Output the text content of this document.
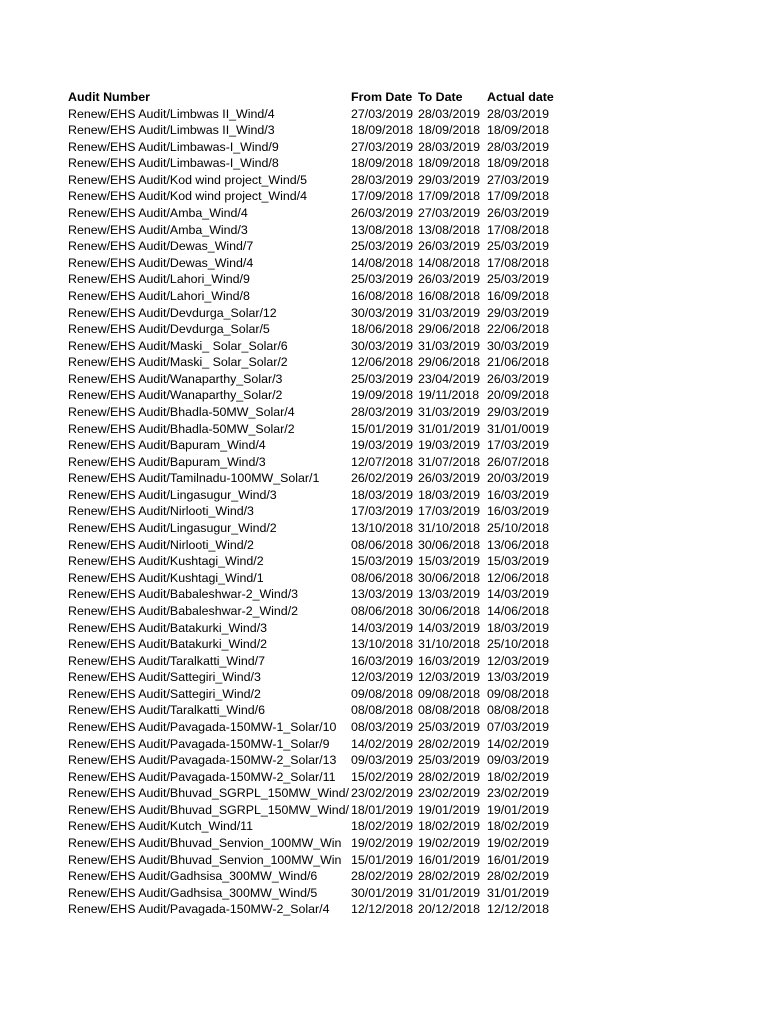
Audit Number	From Date To Date	Actual date
Renew/EHS Audit/Limbwas II_Wind/4	27/03/2019 28/03/2019 28/03/2019
Renew/EHS Audit/Limbwas II_Wind/3	18/09/2018 18/09/2018 18/09/2018
Renew/EHS Audit/Limbawas-I_Wind/9	27/03/2019 28/03/2019 28/03/2019
Renew/EHS Audit/Limbawas-I_Wind/8	18/09/2018 18/09/2018 18/09/2018
Renew/EHS Audit/Kod wind project_Wind/5	28/03/2019 29/03/2019 27/03/2019
Renew/EHS Audit/Kod wind project_Wind/4	17/09/2018 17/09/2018 17/09/2018
Renew/EHS Audit/Amba_Wind/4	26/03/2019 27/03/2019 26/03/2019
Renew/EHS Audit/Amba_Wind/3	13/08/2018 13/08/2018 17/08/2018
Renew/EHS Audit/Dewas_Wind/7	25/03/2019 26/03/2019 25/03/2019
Renew/EHS Audit/Dewas_Wind/4	14/08/2018 14/08/2018 17/08/2018
Renew/EHS Audit/Lahori_Wind/9	25/03/2019 26/03/2019 25/03/2019
Renew/EHS Audit/Lahori_Wind/8	16/08/2018 16/08/2018 16/09/2018
Renew/EHS Audit/Devdurga_Solar/12	30/03/2019 31/03/2019 29/03/2019
Renew/EHS Audit/Devdurga_Solar/5	18/06/2018 29/06/2018 22/06/2018
Renew/EHS Audit/Maski_ Solar_Solar/6	30/03/2019 31/03/2019 30/03/2019
Renew/EHS Audit/Maski_ Solar_Solar/2	12/06/2018 29/06/2018 21/06/2018
Renew/EHS Audit/Wanaparthy_Solar/3	25/03/2019 23/04/2019 26/03/2019
Renew/EHS Audit/Wanaparthy_Solar/2	19/09/2018 19/11/2018 20/09/2018
Renew/EHS Audit/Bhadla-50MW_Solar/4	28/03/2019 31/03/2019 29/03/2019
Renew/EHS Audit/Bhadla-50MW_Solar/2	15/01/2019 31/01/2019 31/01/0019
Renew/EHS Audit/Bapuram_Wind/4	19/03/2019 19/03/2019 17/03/2019
Renew/EHS Audit/Bapuram_Wind/3	12/07/2018 31/07/2018 26/07/2018
Renew/EHS Audit/Tamilnadu-100MW_Solar/1	26/02/2019 26/03/2019 20/03/2019
Renew/EHS Audit/Lingasugur_Wind/3	18/03/2019 18/03/2019 16/03/2019
Renew/EHS Audit/Nirlooti_Wind/3	17/03/2019 17/03/2019 16/03/2019
Renew/EHS Audit/Lingasugur_Wind/2	13/10/2018 31/10/2018 25/10/2018
Renew/EHS Audit/Nirlooti_Wind/2	08/06/2018 30/06/2018 13/06/2018
Renew/EHS Audit/Kushtagi_Wind/2	15/03/2019 15/03/2019 15/03/2019
Renew/EHS Audit/Kushtagi_Wind/1	08/06/2018 30/06/2018 12/06/2018
Renew/EHS Audit/Babaleshwar-2_Wind/3	13/03/2019 13/03/2019 14/03/2019
Renew/EHS Audit/Babaleshwar-2_Wind/2	08/06/2018 30/06/2018 14/06/2018
Renew/EHS Audit/Batakurki_Wind/3	14/03/2019 14/03/2019 18/03/2019
Renew/EHS Audit/Batakurki_Wind/2	13/10/2018 31/10/2018 25/10/2018
Renew/EHS Audit/Taralkatti_Wind/7	16/03/2019 16/03/2019 12/03/2019
Renew/EHS Audit/Sattegiri_Wind/3	12/03/2019 12/03/2019 13/03/2019
Renew/EHS Audit/Sattegiri_Wind/2	09/08/2018 09/08/2018 09/08/2018
Renew/EHS Audit/Taralkatti_Wind/6	08/08/2018 08/08/2018 08/08/2018
Renew/EHS Audit/Pavagada-150MW-1_Solar/10	08/03/2019 25/03/2019 07/03/2019
Renew/EHS Audit/Pavagada-150MW-1_Solar/9	14/02/2019 28/02/2019 14/02/2019
Renew/EHS Audit/Pavagada-150MW-2_Solar/13	09/03/2019 25/03/2019 09/03/2019
Renew/EHS Audit/Pavagada-150MW-2_Solar/11	15/02/2019 28/02/2019 18/02/2019
Renew/EHS Audit/Bhuvad_SGRPL_150MW_Wind/ 23/02/2019 23/02/2019 23/02/2019
Renew/EHS Audit/Bhuvad_SGRPL_150MW_Wind/ 18/01/2019 19/01/2019 19/01/2019
Renew/EHS Audit/Kutch_Wind/11	18/02/2019 18/02/2019 18/02/2019
Renew/EHS Audit/Bhuvad_Senvion_100MW_Win 19/02/2019 19/02/2019 19/02/2019
Renew/EHS Audit/Bhuvad_Senvion_100MW_Win 15/01/2019 16/01/2019 16/01/2019
Renew/EHS Audit/Gadhsisa_300MW_Wind/6	28/02/2019 28/02/2019 28/02/2019
Renew/EHS Audit/Gadhsisa_300MW_Wind/5	30/01/2019 31/01/2019 31/01/2019
Renew/EHS Audit/Pavagada-150MW-2_Solar/4	12/12/2018 20/12/2018 12/12/2018
